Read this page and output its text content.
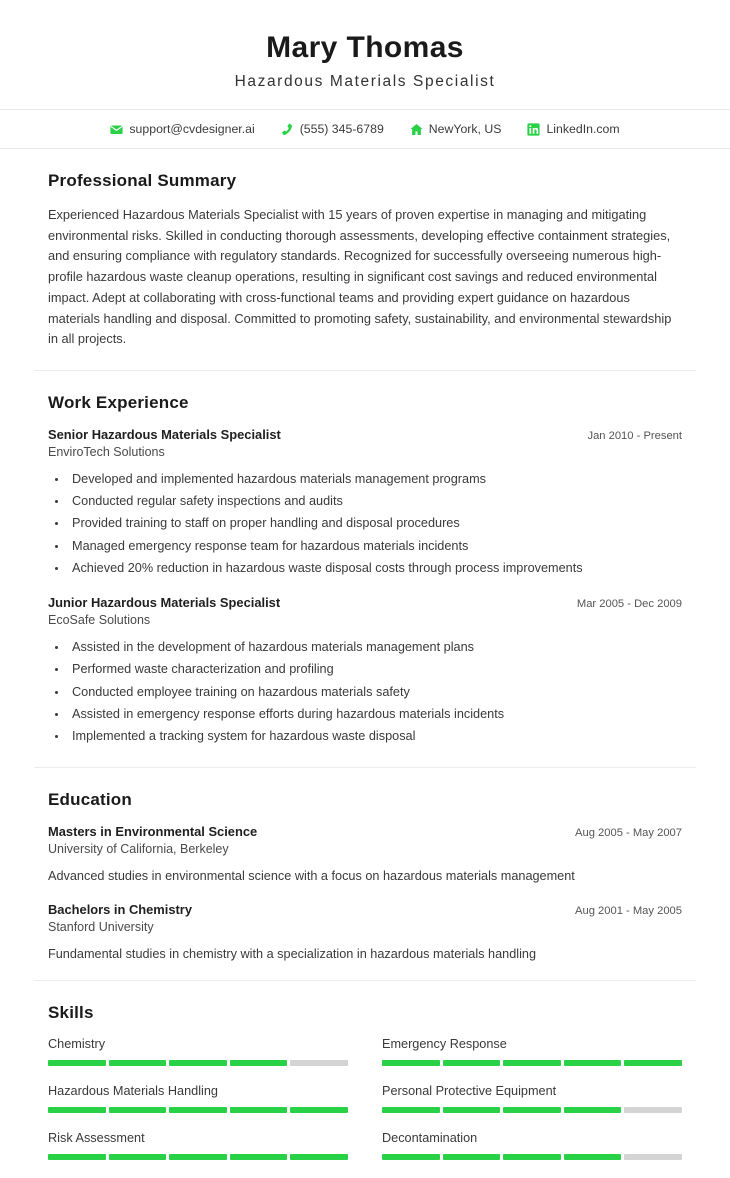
Mary Thomas
Hazardous Materials Specialist
support@cvdesigner.ai	(555) 345-6789	NewYork, US	LinkedIn.com
Professional Summary

Experienced Hazardous Materials Specialist with 15 years of proven expertise in managing and mitigating environmental risks. Skilled in conducting thorough assessments, developing effective containment strategies, and ensuring compliance with regulatory standards. Recognized for successfully overseeing numerous high-profile hazardous waste cleanup operations, resulting in significant cost savings and reduced environmental impact. Adept at collaborating with cross-functional teams and providing expert guidance on hazardous materials handling and disposal. Committed to promoting safety, sustainability, and environmental stewardship in all projects.

Work Experience
Senior Hazardous Materials Specialist	Jan 2010 - Present
EnviroTech Solutions
• Developed and implemented hazardous materials management programs
• Conducted regular safety inspections and audits
• Provided training to staff on proper handling and disposal procedures
• Managed emergency response team for hazardous materials incidents
• Achieved 20% reduction in hazardous waste disposal costs through process improvements
Junior Hazardous Materials Specialist	Mar 2005 - Dec 2009
EcoSafe Solutions
• Assisted in the development of hazardous materials management plans
• Performed waste characterization and profiling
• Conducted employee training on hazardous materials safety
• Assisted in emergency response efforts during hazardous materials incidents
• Implemented a tracking system for hazardous waste disposal
Education
Masters in Environmental Science	Aug 2005 - May 2007
University of California, Berkeley
Advanced studies in environmental science with a focus on hazardous materials management
Bachelors in Chemistry	Aug 2001 - May 2005
Stanford University
Fundamental studies in chemistry with a specialization in hazardous materials handling
Skills
Chemistry	Emergency Response
Hazardous Materials Handling	Personal Protective Equipment
Risk Assessment	Decontamination
